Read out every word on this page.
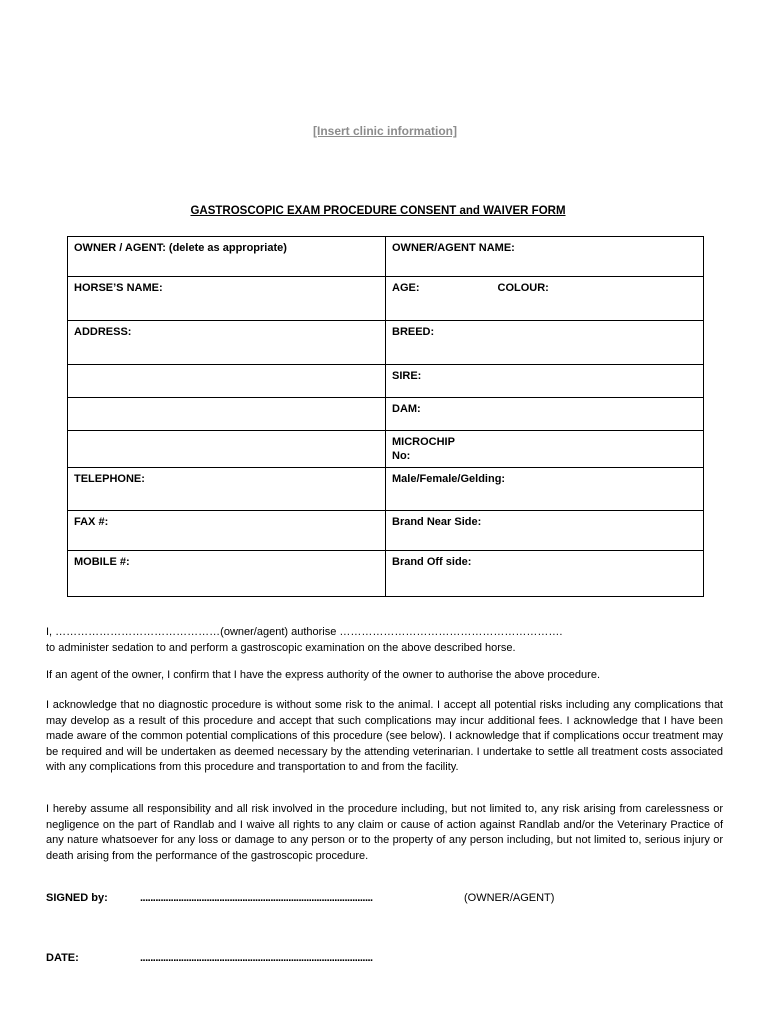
[Insert clinic information]
GASTROSCOPIC EXAM PROCEDURE CONSENT and WAIVER FORM
OWNER / AGENT: (delete as appropriate)	OWNER/AGENT NAME:
HORSE’S NAME:	AGE: COLOUR:
ADDRESS:	BREED:
	SIRE:
	DAM:
	MICROCHIP
No:
TELEPHONE:	Male/Female/Gelding:
FAX #:	Brand Near Side:
MOBILE #:	Brand Off side:
I, ………………………………………(owner/agent) authorise …………………………………………………….
to administer sedation to and perform a gastroscopic examination on the above described horse.
If an agent of the owner, I confirm that I have the express authority of the owner to authorise the above procedure.
I acknowledge that no diagnostic procedure is without some risk to the animal. I accept all potential risks including any complications that may develop as a result of this procedure and accept that such complications may incur additional fees. I acknowledge that I have been made aware of the common potential complications of this procedure (see below). I acknowledge that if complications occur treatment may be required and will be undertaken as deemed necessary by the attending veterinarian. I undertake to settle all treatment costs associated with any complications from this procedure and transportation to and from the facility.
I hereby assume all responsibility and all risk involved in the procedure including, but not limited to, any risk arising from carelessness or negligence on the part of Randlab and I waive all rights to any claim or cause of action against Randlab and/or the Veterinary Practice of any nature whatsoever for any loss or damage to any person or to the property of any person including, but not limited to, serious injury or death arising from the performance of the gastroscopic procedure.
SIGNED by:	...........................................................................................	(OWNER/AGENT)
DATE:	...........................................................................................
